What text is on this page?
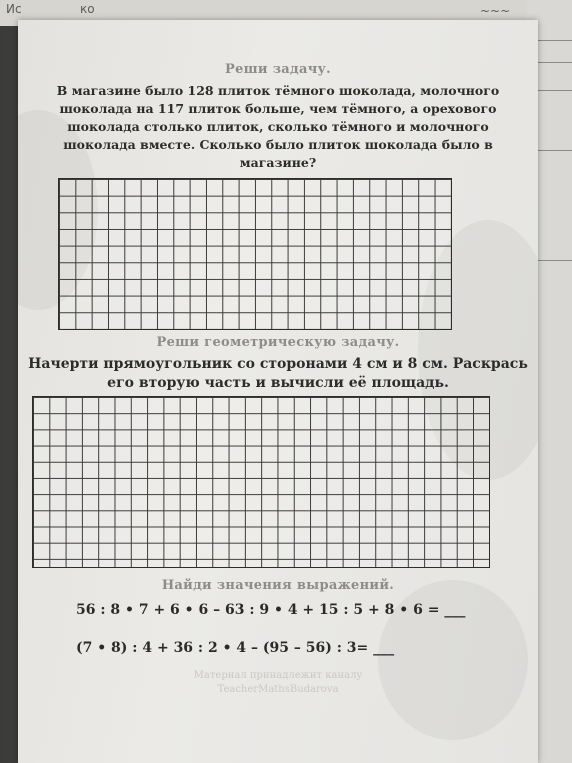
Ис	ко	~~~
Реши задачу.
В магазине было 128 плиток тёмного шоколада, молочного
шоколада на 117 плиток больше, чем тёмного, а орехового
шоколада столько плиток, сколько тёмного и молочного
шоколада вместе. Сколько было плиток шоколада было в
магазине?
Реши геометрическую задачу.
Начерти прямоугольник со сторонами 4 см и 8 см. Раскрась
его вторую часть и вычисли её площадь.
Найди значения выражений.
56 : 8 • 7 + 6 • 6 – 63 : 9 • 4 + 15 : 5 + 8 • 6 = ___
(7 • 8) : 4 + 36 : 2 • 4 – (95 – 56) : 3= ___
Материал принадлежит каналу
TeacherMathsBudarova
